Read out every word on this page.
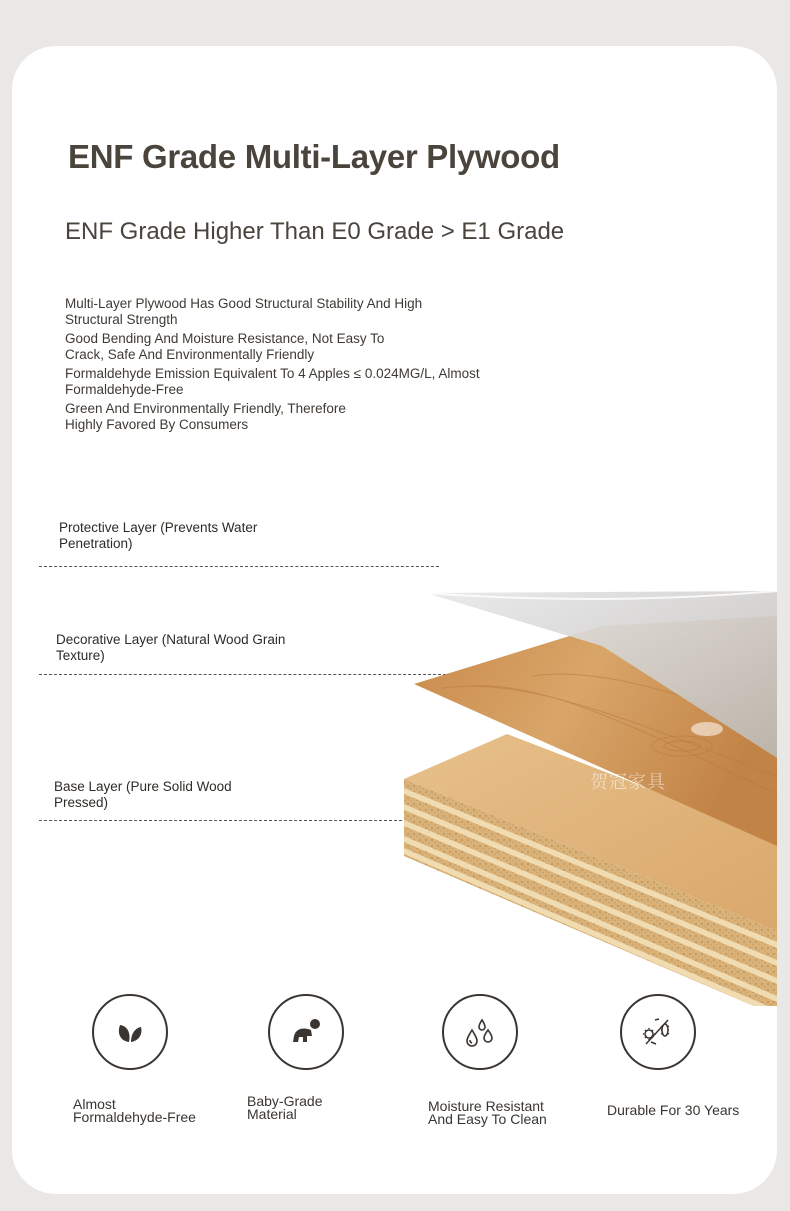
ENF Grade Multi-Layer Plywood
ENF Grade Higher Than E0 Grade > E1 Grade

Multi-Layer Plywood Has Good Structural Stability And High
Structural Strength

Good Bending And Moisture Resistance, Not Easy To
Crack, Safe And Environmentally Friendly

Formaldehyde Emission Equivalent To 4 Apples ≤ 0.024MG/L, Almost
Formaldehyde-Free

Green And Environmentally Friendly, Therefore
Highly Favored By Consumers

Protective Layer (Prevents Water
Penetration)
Decorative Layer (Natural Wood Grain
Texture)
Base Layer (Pure Solid Wood
Pressed)
贺冠家具
贺冠家具
Almost
Formaldehyde-Free
Baby-Grade
Material	Moisture Resistant
And Easy To Clean
Durable For 30 Years
